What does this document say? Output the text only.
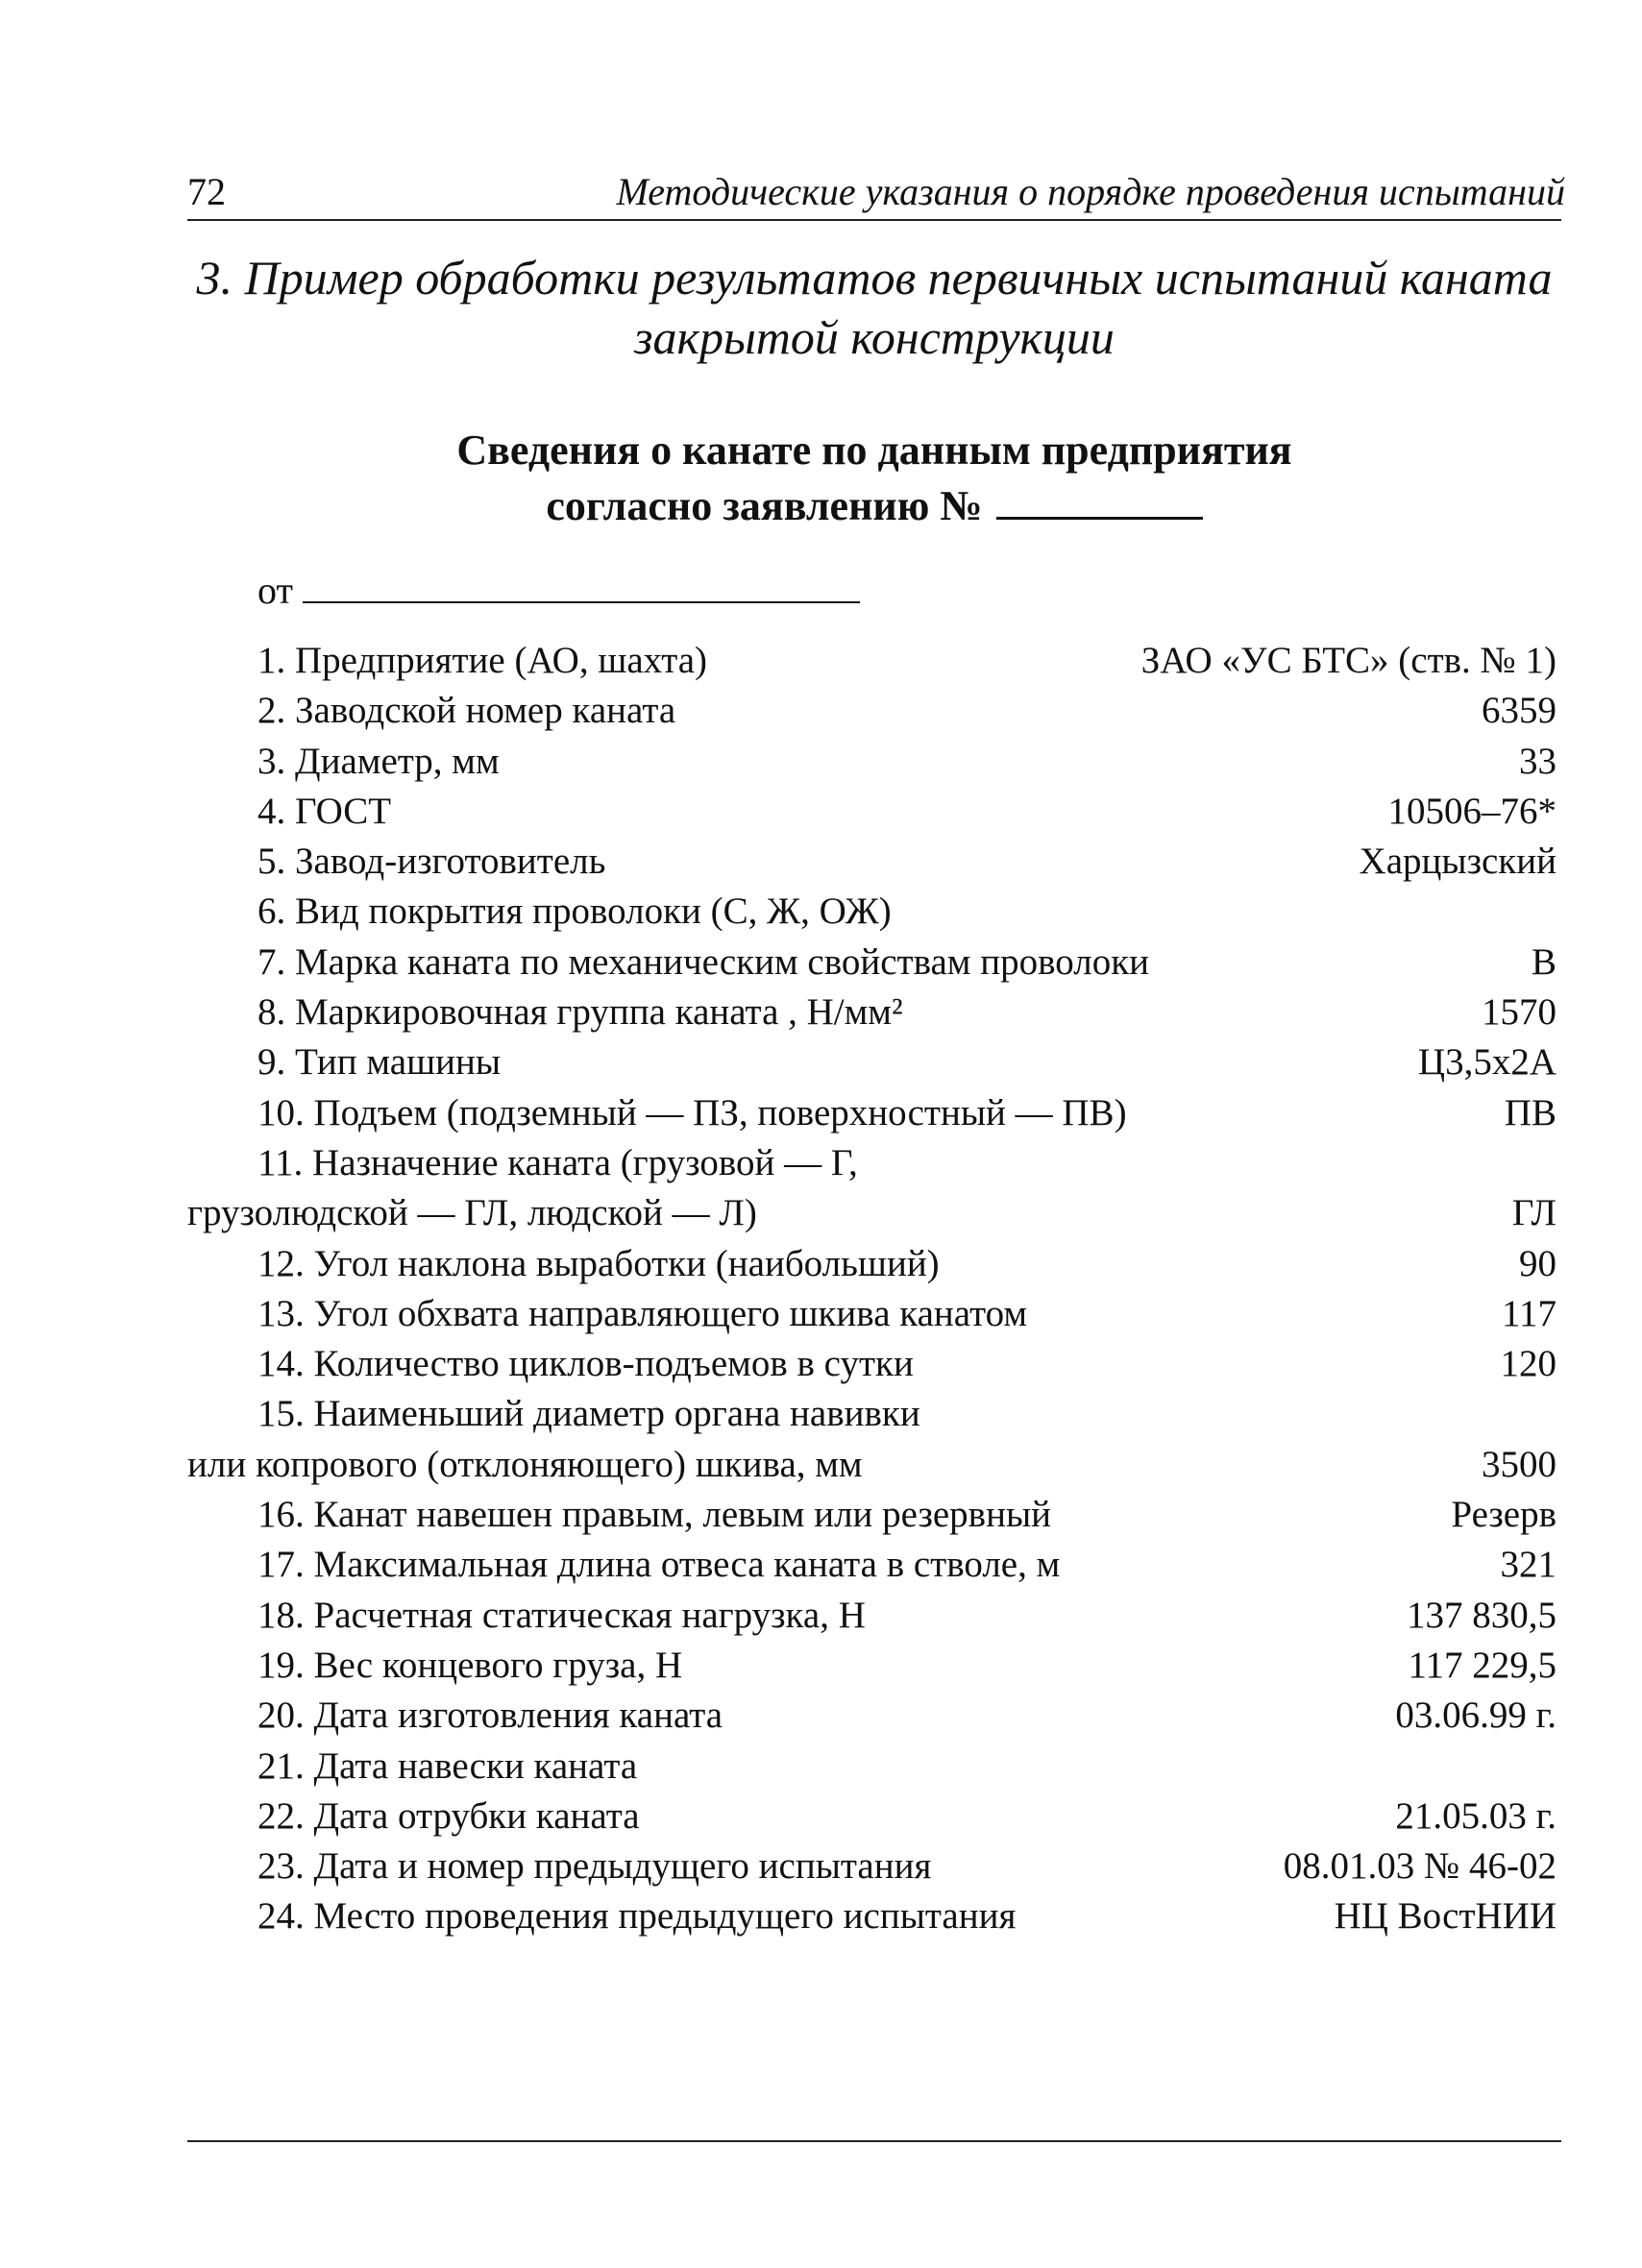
72	Методические указания о порядке проведения испытаний
3. Пример обработки результатов первичных испытаний каната
закрытой конструкции
Сведения о канате по данным предприятия
согласно заявлению №
от
1. Предприятие (АО, шахта)	ЗАО «УС БТС» (ств. № 1)
2. Заводской номер каната	6359
3. Диаметр, мм	33
4. ГОСТ	10506–76*
5. Завод-изготовитель	Харцызский
6. Вид покрытия проволоки (С, Ж, ОЖ)
7. Марка каната по механическим свойствам проволоки	В
8. Маркировочная группа каната , Н/мм²	1570
9. Тип машины	Ц3,5х2А
10. Подъем (подземный — ПЗ, поверхностный — ПВ)	ПВ
11. Назначение каната (грузовой — Г,
грузолюдской — ГЛ, людской — Л)	ГЛ
12. Угол наклона выработки (наибольший)	90
13. Угол обхвата направляющего шкива канатом	117
14. Количество циклов-подъемов в сутки	120
15. Наименьший диаметр органа навивки
или копрового (отклоняющего) шкива, мм	3500
16. Канат навешен правым, левым или резервный	Резерв
17. Максимальная длина отвеса каната в стволе, м	321
18. Расчетная статическая нагрузка, Н	137 830,5
19. Вес концевого груза, Н	117 229,5
20. Дата изготовления каната	03.06.99 г.
21. Дата навески каната
22. Дата отрубки каната	21.05.03 г.
23. Дата и номер предыдущего испытания	08.01.03 № 46-02
24. Место проведения предыдущего испытания	НЦ ВостНИИ
